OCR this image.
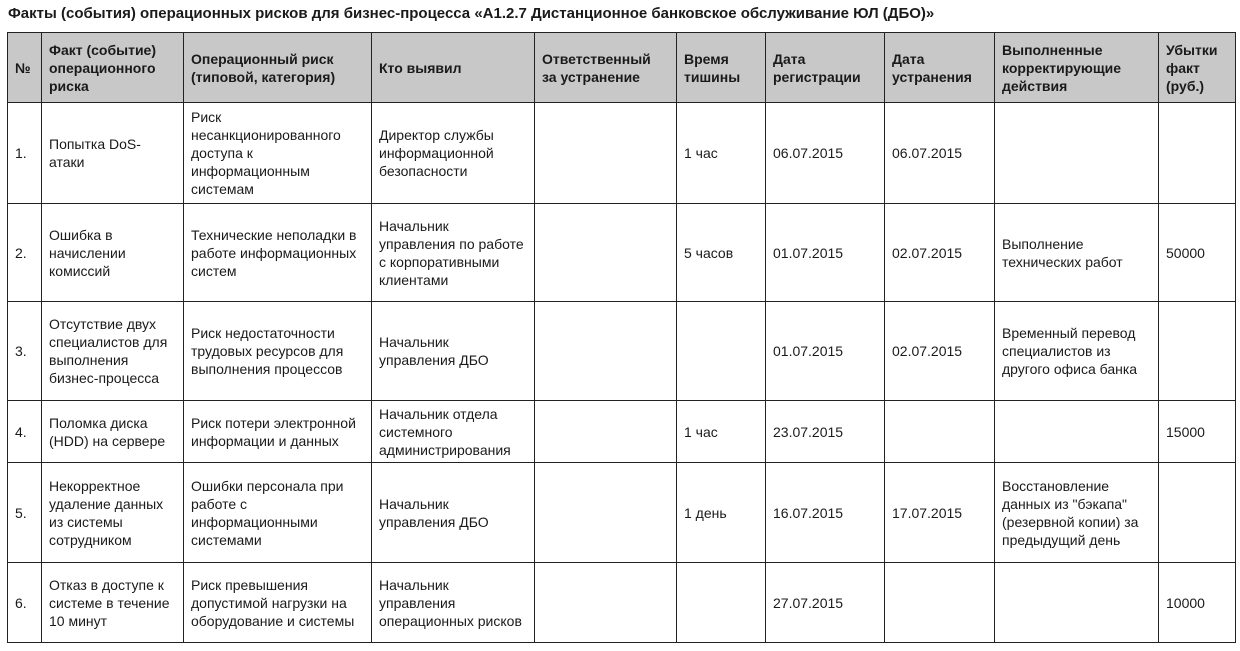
Факты (события) операционных рисков для бизнес-процесса «А1.2.7 Дистанционное банковское обслуживание ЮЛ (ДБО)»
№	Факт (событие) операционного риска	Операционный риск (типовой, категория)	Кто выявил	Ответственный за устранение	Время тишины	Дата регистрации	Дата устранения	Выполненные корректирующие действия	Убытки факт (руб.)
1.	Попытка DoS-атаки	Риск несанкционированного доступа к информационным системам	Директор службы информационной безопасности		1 час	06.07.2015	06.07.2015		
2.	Ошибка в начислении комиссий	Технические неполадки в работе информационных систем	Начальник управления по работе с корпоративными клиентами		5 часов	01.07.2015	02.07.2015	Выполнение технических работ	50000
3.	Отсутствие двух специалистов для выполнения бизнес-процесса	Риск недостаточности трудовых ресурсов для выполнения процессов	Начальник управления ДБО			01.07.2015	02.07.2015	Временный перевод специалистов из другого офиса банка	
4.	Поломка диска (HDD) на сервере	Риск потери электронной информации и данных	Начальник отдела системного администрирования		1 час	23.07.2015			15000
5.	Некорректное удаление данных из системы сотрудником	Ошибки персонала при работе с информационными системами	Начальник управления ДБО		1 день	16.07.2015	17.07.2015	Восстановление данных из "бэкапа" (резервной копии) за предыдущий день	
6.	Отказ в доступе к системе в течение 10 минут	Риск превышения допустимой нагрузки на оборудование и системы	Начальник управления операционных рисков			27.07.2015			10000
